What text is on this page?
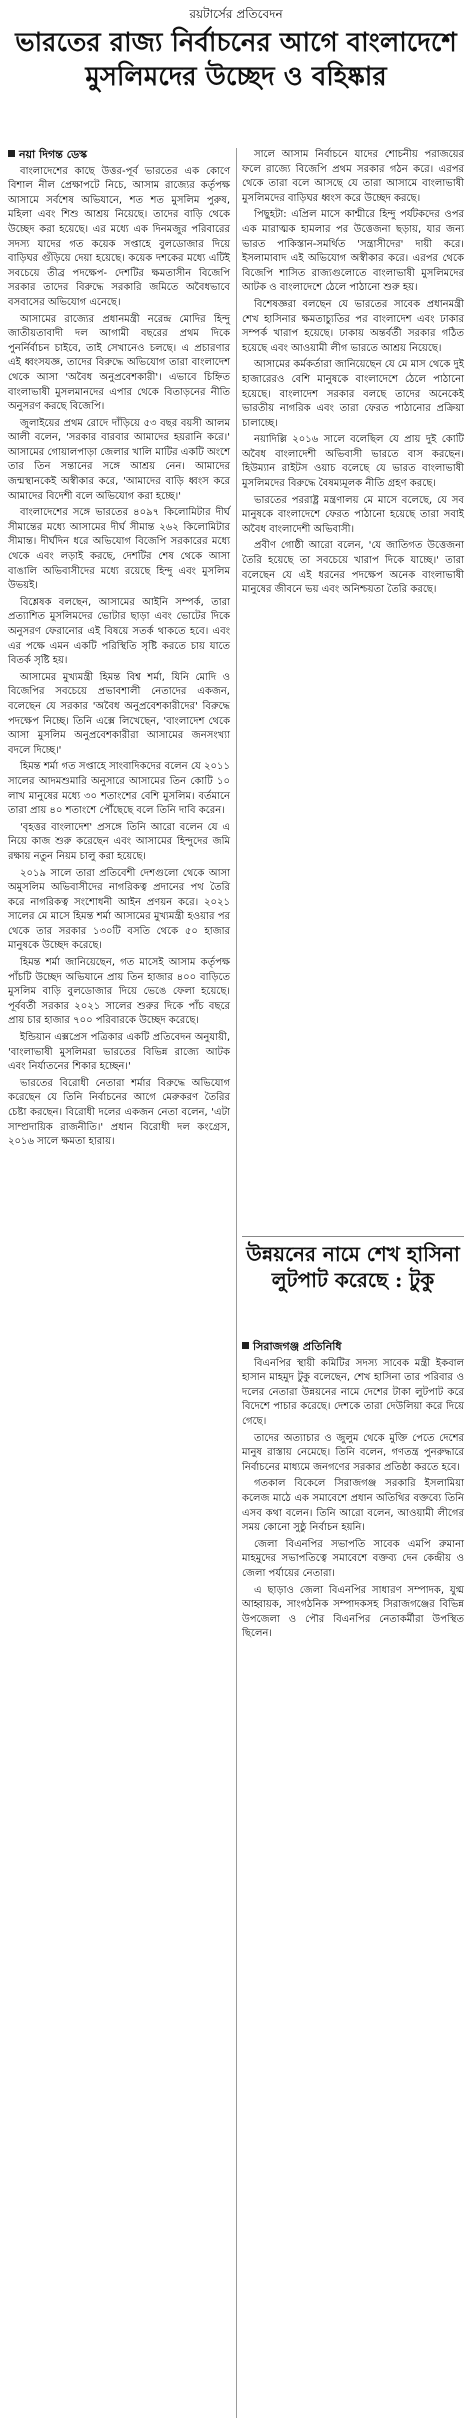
রয়টার্সের প্রতিবেদন
ভারতের রাজ্য নির্বাচনের আগে বাংলাদেশে মুসলিমদের উচ্ছেদ ও বহিষ্কার
নয়া দিগন্ত ডেস্ক

বাংলাদেশের কাছে উত্তর-পূর্ব ভারতের এক কোণে বিশাল নীল প্রেক্ষাপটে নিচে, আসাম রাজ্যের কর্তৃপক্ষ আসামে সর্বশেষ অভিযানে, শত শত মুসলিম পুরুষ, মহিলা এবং শিশু আশ্রয় নিয়েছে। তাদের বাড়ি থেকে উচ্ছেদ করা হয়েছে। এর মধ্যে এক দিনমজুর পরিবারের সদস্য যাদের গত কয়েক সপ্তাহে বুলডোজার দিয়ে বাড়িঘর গুঁড়িয়ে দেয়া হয়েছে। কয়েক দশকের মধ্যে এটিই সবচেয়ে তীব্র পদক্ষেপ- দেশটির ক্ষমতাসীন বিজেপি সরকার তাদের বিরুদ্ধে সরকারি জমিতে অবৈধভাবে বসবাসের অভিযোগ এনেছে।

আসামের রাজ্যের প্রধানমন্ত্রী নরেন্দ্র মোদির হিন্দু জাতীয়তাবাদী দল আগামী বছরের প্রথম দিকে পুনর্নির্বাচন চাইবে, তাই সেখানেও চলছে। এ প্রচারণার এই ধ্বংসযজ্ঞ, তাদের বিরুদ্ধে অভিযোগ তারা বাংলাদেশ থেকে আসা 'অবৈধ অনুপ্রবেশকারী'। এভাবে চিহ্নিত বাংলাভাষী মুসলমানদের এপার থেকে বিতাড়নের নীতি অনুসরণ করছে বিজেপি।

জুলাইয়ের প্রথম রোদে দাঁড়িয়ে ৫৩ বছর বয়সী আলম আলী বলেন, 'সরকার বারবার আমাদের হয়রানি করে।' আসামের গোয়ালপাড়া জেলার খালি মাটির একটি অংশে তার তিন সন্তানের সঙ্গে আশ্রয় নেন। আমাদের জন্মস্থানকেই অস্বীকার করে, 'আমাদের বাড়ি ধ্বংস করে আমাদের বিদেশী বলে অভিযোগ করা হচ্ছে।'

বাংলাদেশের সঙ্গে ভারতের ৪০৯৭ কিলোমিটার দীর্ঘ সীমান্তের মধ্যে আসামের দীর্ঘ সীমান্ত ২৬২ কিলোমিটার সীমান্ত। দীর্ঘদিন ধরে অভিযোগ বিজেপি সরকারের মধ্যে থেকে এবং লড়াই করছে, দেশটির শেষ থেকে আসা বাঙালি অভিবাসীদের মধ্যে রয়েছে হিন্দু এবং মুসলিম উভয়ই।

বিশ্লেষক বলছেন, আসামের আইনি সম্পর্ক, তারা প্রত্যাশিত মুসলিমদের ভোটার ছাড়া এবং ভোটের দিকে অনুসরণ ফেরানোর এই বিষয়ে সতর্ক থাকতে হবে। এবং এর পক্ষে এমন একটি পরিস্থিতি সৃষ্টি করতে চায় যাতে বিতর্ক সৃষ্টি হয়।

আসামের মুখ্যমন্ত্রী হিমন্ত বিশ্ব শর্মা, যিনি মোদি ও বিজেপির সবচেয়ে প্রভাবশালী নেতাদের একজন, বলেছেন যে সরকার 'অবৈধ অনুপ্রবেশকারীদের' বিরুদ্ধে পদক্ষেপ নিচ্ছে। তিনি এক্সে লিখেছেন, 'বাংলাদেশ থেকে আসা মুসলিম অনুপ্রবেশকারীরা আসামের জনসংখ্যা বদলে দিচ্ছে।'

হিমন্ত শর্মা গত সপ্তাহে সাংবাদিকদের বলেন যে ২০১১ সালের আদমশুমারি অনুসারে আসামের তিন কোটি ১০ লাখ মানুষের মধ্যে ৩০ শতাংশের বেশি মুসলিম। বর্তমানে তারা প্রায় ৪০ শতাংশে পৌঁছেছে বলে তিনি দাবি করেন।

'বৃহত্তর বাংলাদেশ' প্রসঙ্গে তিনি আরো বলেন যে এ নিয়ে কাজ শুরু করেছেন এবং আসামের হিন্দুদের জমি রক্ষায় নতুন নিয়ম চালু করা হয়েছে।

২০১৯ সালে তারা প্রতিবেশী দেশগুলো থেকে আসা অমুসলিম অভিবাসীদের নাগরিকত্ব প্রদানের পথ তৈরি করে নাগরিকত্ব সংশোধনী আইন প্রণয়ন করে। ২০২১ সালের মে মাসে হিমন্ত শর্মা আসামের মুখ্যমন্ত্রী হওয়ার পর থেকে তার সরকার ১৩০টি বসতি থেকে ৫০ হাজার মানুষকে উচ্ছেদ করেছে।

হিমন্ত শর্মা জানিয়েছেন, গত মাসেই আসাম কর্তৃপক্ষ পাঁচটি উচ্ছেদ অভিযানে প্রায় তিন হাজার ৪০০ বাড়িতে মুসলিম বাড়ি বুলডোজার দিয়ে ভেঙে ফেলা হয়েছে। পূর্ববর্তী সরকার ২০২১ সালের শুরুর দিকে পাঁচ বছরে প্রায় চার হাজার ৭০০ পরিবারকে উচ্ছেদ করেছে।

ইন্ডিয়ান এক্সপ্রেস পত্রিকার একটি প্রতিবেদন অনুযায়ী, 'বাংলাভাষী মুসলিমরা ভারতের বিভিন্ন রাজ্যে আটক এবং নির্যাতনের শিকার হচ্ছেন।'

ভারতের বিরোধী নেতারা শর্মার বিরুদ্ধে অভিযোগ করেছেন যে তিনি নির্বাচনের আগে মেরুকরণ তৈরির চেষ্টা করছেন। বিরোধী দলের একজন নেতা বলেন, 'এটা সাম্প্রদায়িক রাজনীতি।' প্রধান বিরোধী দল কংগ্রেস, ২০১৬ সালে ক্ষমতা হারায়।

সালে আসাম নির্বাচনে যাদের শোচনীয় পরাজয়ের ফলে রাজ্যে বিজেপি প্রথম সরকার গঠন করে। এরপর থেকে তারা বলে আসছে যে তারা আসামে বাংলাভাষী মুসলিমদের বাড়িঘর ধ্বংস করে উচ্ছেদ করছে।

পিছুহটা: এপ্রিল মাসে কাশ্মীরে হিন্দু পর্যটকদের ওপর এক মারাত্মক হামলার পর উত্তেজনা ছড়ায়, যার জন্য ভারত পাকিস্তান-সমর্থিত 'সন্ত্রাসীদের' দায়ী করে। ইসলামাবাদ এই অভিযোগ অস্বীকার করে। এরপর থেকে বিজেপি শাসিত রাজ্যগুলোতে বাংলাভাষী মুসলিমদের আটক ও বাংলাদেশে ঠেলে পাঠানো শুরু হয়।

বিশেষজ্ঞরা বলছেন যে ভারতের সাবেক প্রধানমন্ত্রী শেখ হাসিনার ক্ষমতাচ্যুতির পর বাংলাদেশ এবং ঢাকার সম্পর্ক খারাপ হয়েছে। ঢাকায় অন্তর্বর্তী সরকার গঠিত হয়েছে এবং আওয়ামী লীগ ভারতে আশ্রয় নিয়েছে।

আসামের কর্মকর্তারা জানিয়েছেন যে মে মাস থেকে দুই হাজারেরও বেশি মানুষকে বাংলাদেশে ঠেলে পাঠানো হয়েছে। বাংলাদেশ সরকার বলছে তাদের অনেকেই ভারতীয় নাগরিক এবং তারা ফেরত পাঠানোর প্রক্রিয়া চালাচ্ছে।

নয়াদিল্লি ২০১৬ সালে বলেছিল যে প্রায় দুই কোটি অবৈধ বাংলাদেশী অভিবাসী ভারতে বাস করছেন। হিউম্যান রাইটস ওয়াচ বলেছে যে ভারত বাংলাভাষী মুসলিমদের বিরুদ্ধে বৈষম্যমূলক নীতি গ্রহণ করছে।

ভারতের পররাষ্ট্র মন্ত্রণালয় মে মাসে বলেছে, যে সব মানুষকে বাংলাদেশে ফেরত পাঠানো হয়েছে তারা সবাই অবৈধ বাংলাদেশী অভিবাসী।

প্রবীণ গোষ্ঠী আরো বলেন, 'যে জাতিগত উত্তেজনা তৈরি হয়েছে তা সবচেয়ে খারাপ দিকে যাচ্ছে।' তারা বলেছেন যে এই ধরনের পদক্ষেপ অনেক বাংলাভাষী মানুষের জীবনে ভয় এবং অনিশ্চয়তা তৈরি করছে।

উন্নয়নের নামে শেখ হাসিনা লুটপাট করেছে : টুকু
সিরাজগঞ্জ প্রতিনিধি

বিএনপির স্থায়ী কমিটির সদস্য সাবেক মন্ত্রী ইকবাল হাসান মাহমুদ টুকু বলেছেন, শেখ হাসিনা তার পরিবার ও দলের নেতারা উন্নয়নের নামে দেশের টাকা লুটপাট করে বিদেশে পাচার করেছে। দেশকে তারা দেউলিয়া করে দিয়ে গেছে।

তাদের অত্যাচার ও জুলুম থেকে মুক্তি পেতে দেশের মানুষ রাস্তায় নেমেছে। তিনি বলেন, গণতন্ত্র পুনরুদ্ধারে নির্বাচনের মাধ্যমে জনগণের সরকার প্রতিষ্ঠা করতে হবে।

গতকাল বিকেলে সিরাজগঞ্জ সরকারি ইসলামিয়া কলেজ মাঠে এক সমাবেশে প্রধান অতিথির বক্তব্যে তিনি এসব কথা বলেন। তিনি আরো বলেন, আওয়ামী লীগের সময় কোনো সুষ্ঠু নির্বাচন হয়নি।

জেলা বিএনপির সভাপতি সাবেক এমপি রুমানা মাহমুদের সভাপতিত্বে সমাবেশে বক্তব্য দেন কেন্দ্রীয় ও জেলা পর্যায়ের নেতারা।

এ ছাড়াও জেলা বিএনপির সাধারণ সম্পাদক, যুগ্ম আহ্বায়ক, সাংগঠনিক সম্পাদকসহ সিরাজগঞ্জের বিভিন্ন উপজেলা ও পৌর বিএনপির নেতাকর্মীরা উপস্থিত ছিলেন।
